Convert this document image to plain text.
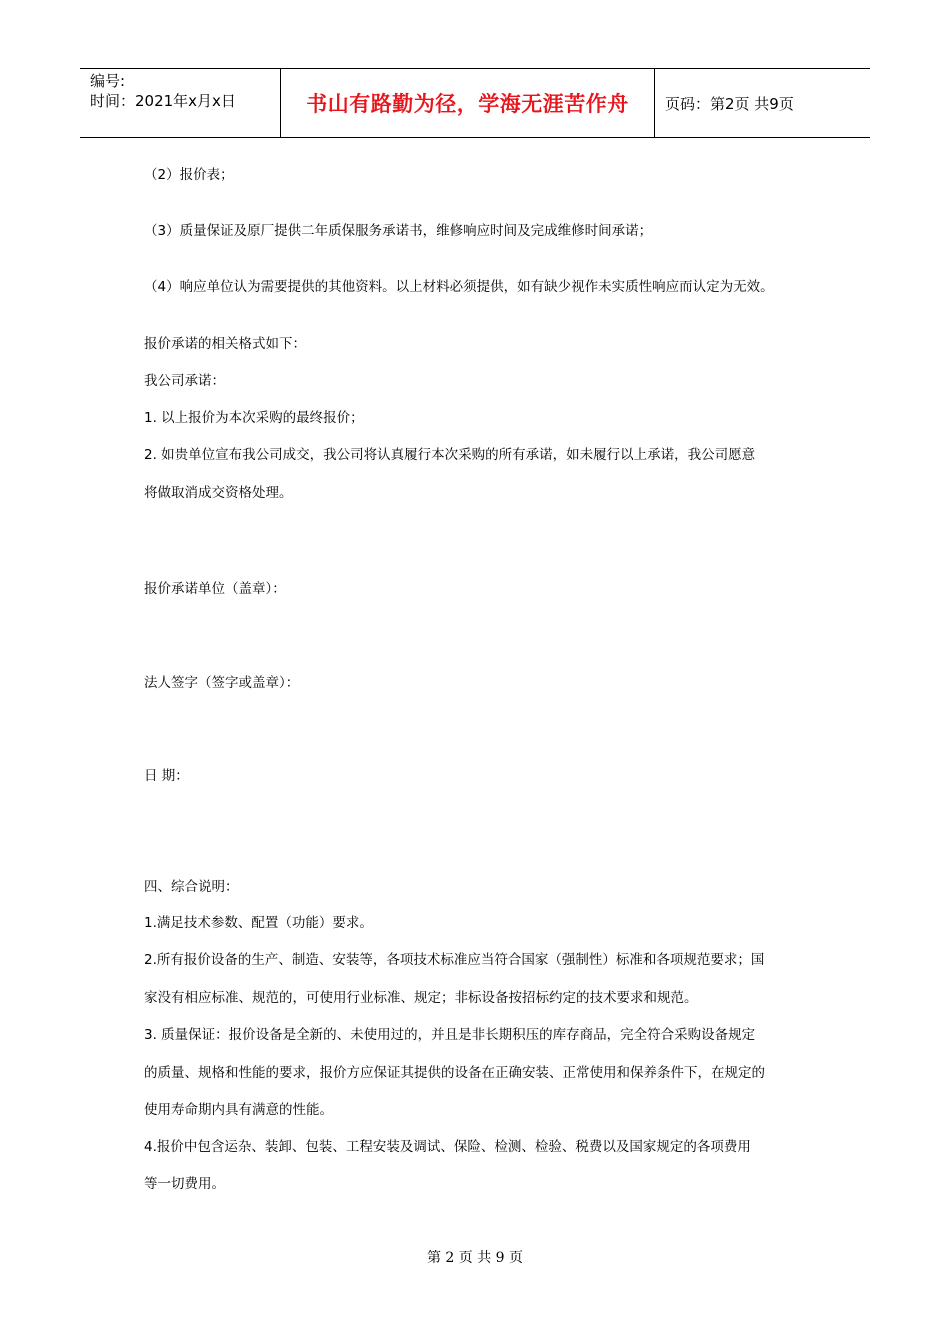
编号:
时间：2021年x月x日	书山有路勤为径，学海无涯苦作舟	页码：第2页 共9页
（2）报价表；
（3）质量保证及原厂提供二年质保服务承诺书，维修响应时间及完成维修时间承诺；
（4）响应单位认为需要提供的其他资料。以上材料必须提供，如有缺少视作未实质性响应而认定为无效。
报价承诺的相关格式如下：
我公司承诺：
1. 以上报价为本次采购的最终报价；
2. 如贵单位宣布我公司成交，我公司将认真履行本次采购的所有承诺，如未履行以上承诺，我公司愿意
将做取消成交资格处理。
报价承诺单位（盖章）：
法人签字（签字或盖章）：
日 期：
四、综合说明：
1.满足技术参数、配置（功能）要求。
2.所有报价设备的生产、制造、安装等，各项技术标准应当符合国家（强制性）标准和各项规范要求；国
家没有相应标准、规范的，可使用行业标准、规定；非标设备按招标约定的技术要求和规范。
3. 质量保证：报价设备是全新的、未使用过的，并且是非长期积压的库存商品，完全符合采购设备规定
的质量、规格和性能的要求，报价方应保证其提供的设备在正确安装、正常使用和保养条件下，在规定的
使用寿命期内具有满意的性能。
4.报价中包含运杂、装卸、包装、工程安装及调试、保险、检测、检验、税费以及国家规定的各项费用
等一切费用。
第 2 页 共 9 页
